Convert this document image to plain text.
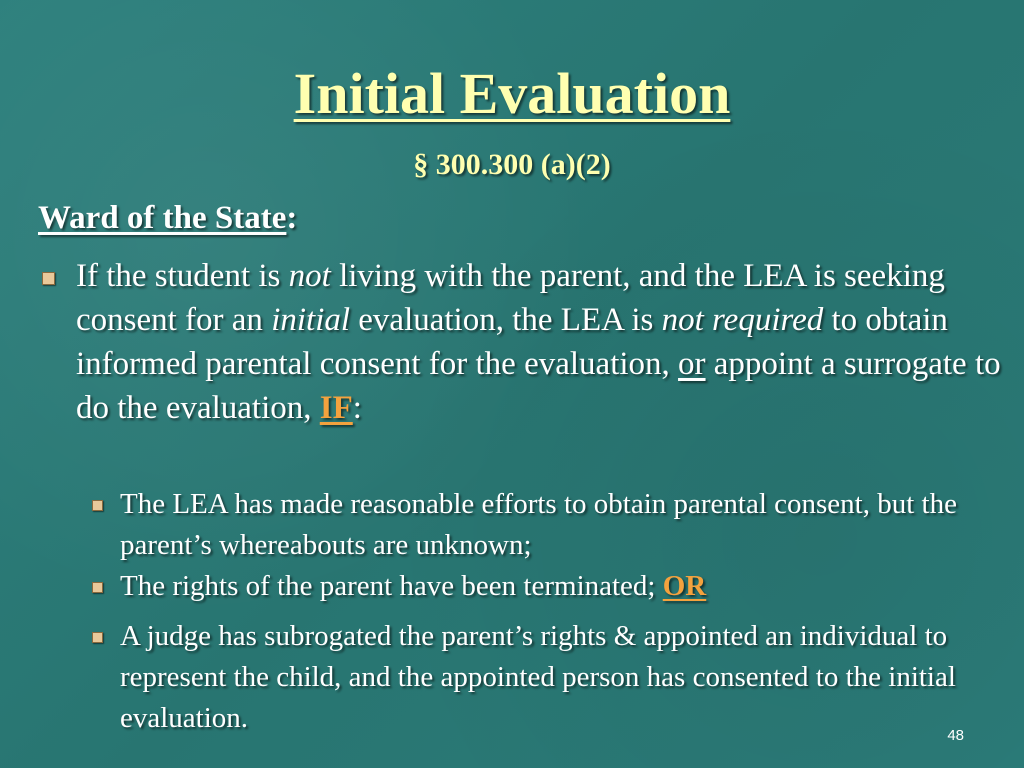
Initial Evaluation
§ 300.300 (a)(2)
Ward of the State:
If the student is not living with the parent, and the LEA is seeking consent for an initial evaluation, the LEA is not required to obtain informed parental consent for the evaluation, or appoint a surrogate to do the evaluation, IF:
The LEA has made reasonable efforts to obtain parental consent, but the parent’s whereabouts are unknown;
The rights of the parent have been terminated; OR
A judge has subrogated the parent’s rights & appointed an individual to represent the child, and the appointed person has consented to the initial evaluation.
48
